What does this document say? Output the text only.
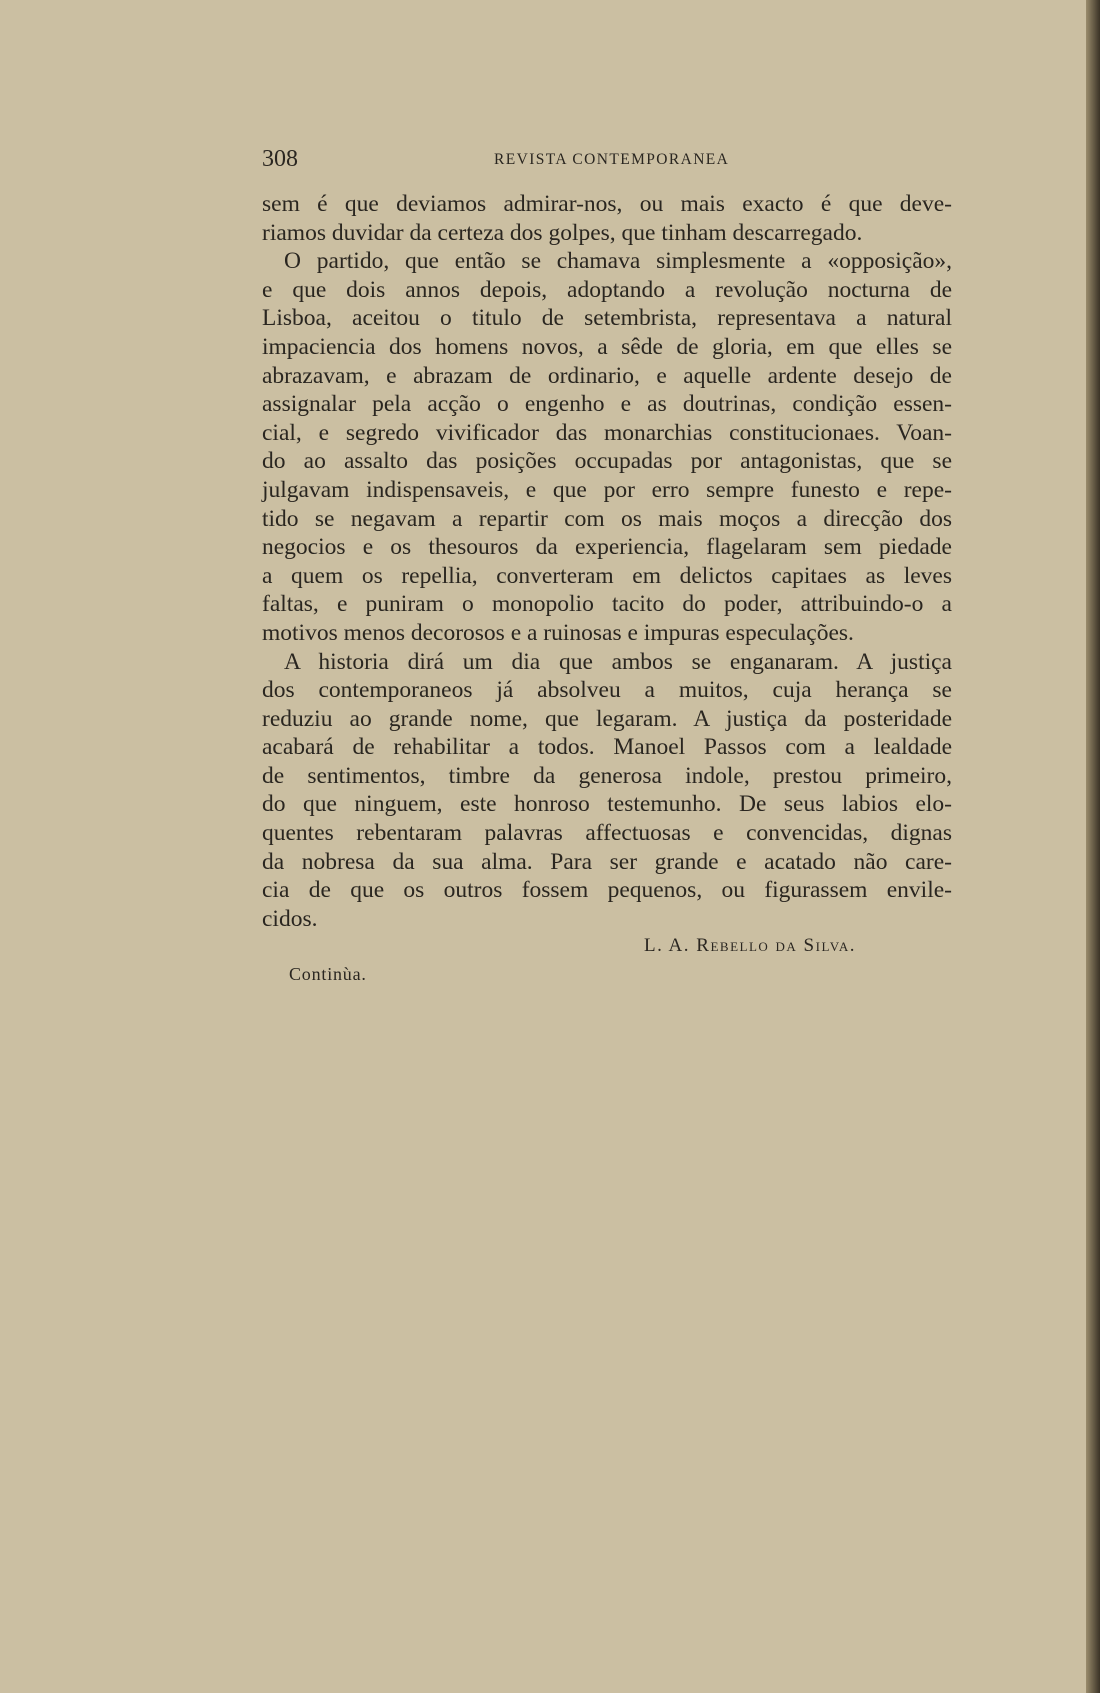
308	REVISTA CONTEMPORANEA
sem é que deviamos admirar-nos, ou mais exacto é que deve-
riamos duvidar da certeza dos golpes, que tinham descarregado.
O partido, que então se chamava simplesmente a «opposição»,
e que dois annos depois, adoptando a revolução nocturna de
Lisboa, aceitou o titulo de setembrista, representava a natural
impaciencia dos homens novos, a sêde de gloria, em que elles se
abrazavam, e abrazam de ordinario, e aquelle ardente desejo de
assignalar pela acção o engenho e as doutrinas, condição essen-
cial, e segredo vivificador das monarchias constitucionaes. Voan-
do ao assalto das posições occupadas por antagonistas, que se
julgavam indispensaveis, e que por erro sempre funesto e repe-
tido se negavam a repartir com os mais moços a direcção dos
negocios e os thesouros da experiencia, flagelaram sem piedade
a quem os repellia, converteram em delictos capitaes as leves
faltas, e puniram o monopolio tacito do poder, attribuindo-o a
motivos menos decorosos e a ruinosas e impuras especulações.
A historia dirá um dia que ambos se enganaram. A justiça
dos contemporaneos já absolveu a muitos, cuja herança se
reduziu ao grande nome, que legaram. A justiça da posteridade
acabará de rehabilitar a todos. Manoel Passos com a lealdade
de sentimentos, timbre da generosa indole, prestou primeiro,
do que ninguem, este honroso testemunho. De seus labios elo-
quentes rebentaram palavras affectuosas e convencidas, dignas
da nobresa da sua alma. Para ser grande e acatado não care-
cia de que os outros fossem pequenos, ou figurassem envile-
cidos.
L. A. Rebello da Silva.
Continùa.
